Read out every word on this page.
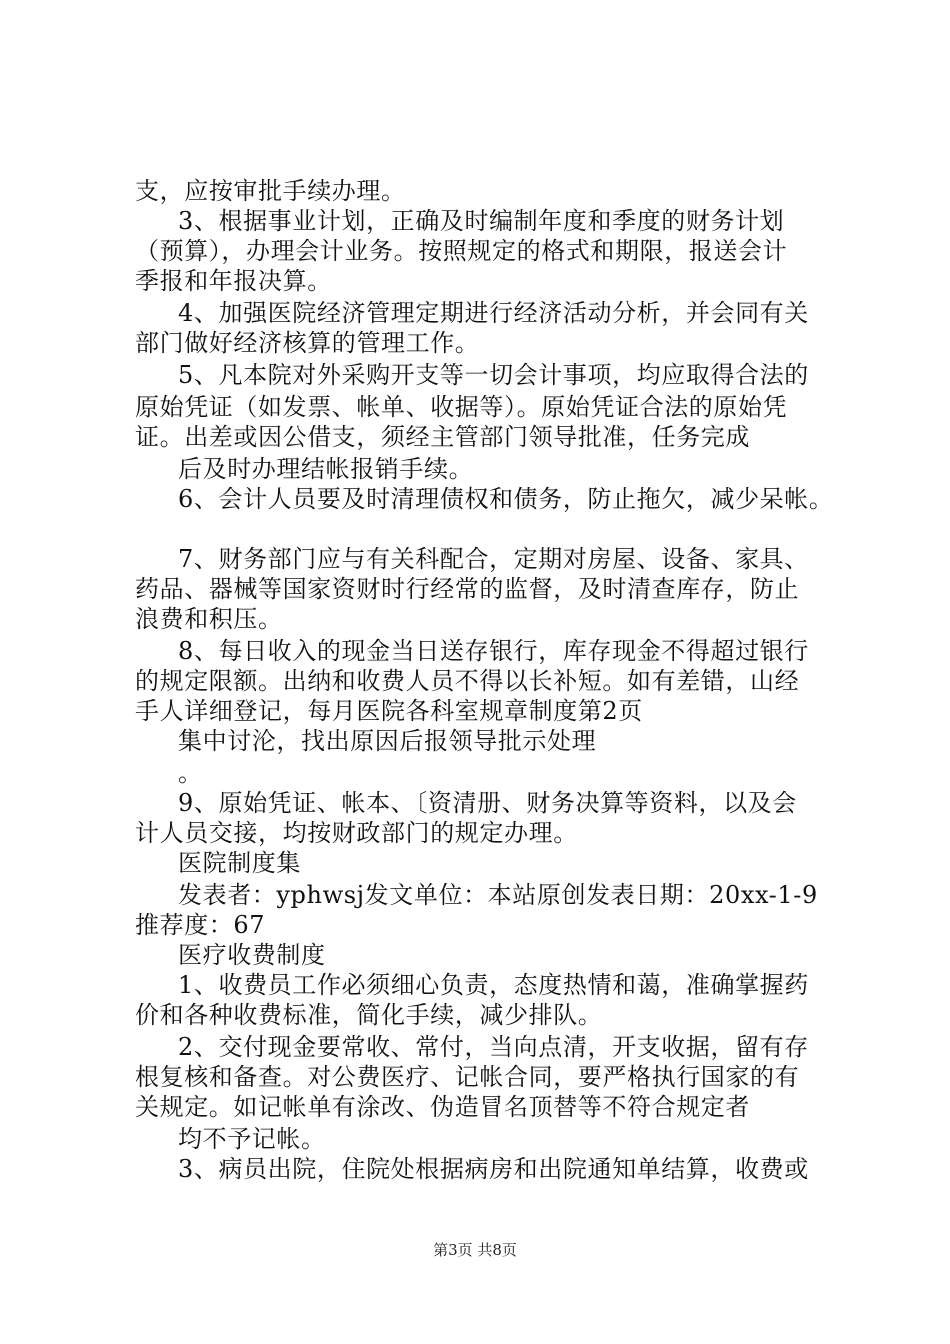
支，应按审批手续办理。

3、根据事业计划，正确及时编制年度和季度的财务计划

（预算），办理会计业务。按照规定的格式和期限，报送会计

季报和年报决算。

4、加强医院经济管理定期进行经济活动分析，并会同有关

部门做好经济核算的管理工作。

5、凡本院对外采购开支等一切会计事项，均应取得合法的

原始凭证（如发票、帐单、收据等）。原始凭证合法的原始凭

证。出差或因公借支，须经主管部门领导批准，任务完成

后及时办理结帐报销手续。

6、会计人员要及时清理债权和债务，防止拖欠，减少呆帐。

7、财务部门应与有关科配合，定期对房屋、设备、家具、

药品、器械等国家资财时行经常的监督，及时清查库存，防止

浪费和积压。

8、每日收入的现金当日送存银行，库存现金不得超过银行

的规定限额。出纳和收费人员不得以长补短。如有差错，山经

手人详细登记，每月医院各科室规章制度第2页

集中讨沦，找出原因后报领导批示处理

。

9、原始凭证、帐本、〔资清册、财务决算等资料，以及会

计人员交接，均按财政部门的规定办理。

医院制度集

发表者：yphwsj发文单位：本站原创发表日期：20xx-1-9

推荐度：67

医疗收费制度

1、收费员工作必须细心负责，态度热情和蔼，准确掌握药

价和各种收费标准，简化手续，减少排队。

2、交付现金要常收、常付，当向点清，开支收据，留有存

根复核和备查。对公费医疗、记帐合同，要严格执行国家的有

关规定。如记帐单有涂改、伪造冒名顶替等不符合规定者

均不予记帐。

3、病员出院，住院处根据病房和出院通知单结算，收费或

第3页 共8页
